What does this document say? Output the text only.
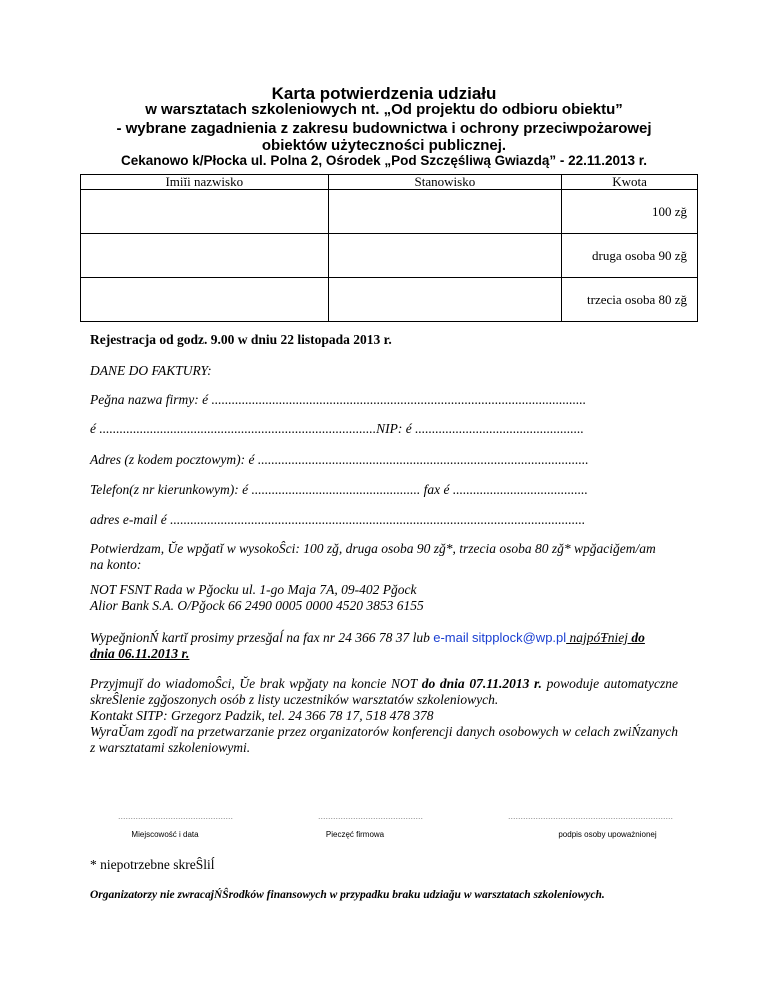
Karta potwierdzenia udziału
w warsztatach szkoleniowych nt. „Od projektu do odbioru obiektu”
- wybrane zagadnienia z zakresu budownictwa i ochrony przeciwpożarowej
obiektów użyteczności publicznej.
Cekanowo k/Płocka ul. Polna 2, Ośrodek „Pod Szczęśliwą Gwiazdą” - 22.11.2013 r.
Imiĭi nazwisko	Stanowisko	Kwota
		100 zğ
		druga osoba 90 zğ
		trzecia osoba 80 zğ
Rejestracja od godz. 9.00 w dniu 22 listopada 2013 r.
DANE DO FAKTURY:
Peğna nazwa firmy: é ...............................................................................................................
é ..................................................................................NIP: é ..................................................
Adres (z kodem pocztowym): é ..................................................................................................
Telefon(z nr kierunkowym): é .................................................. fax é ........................................
adres e-mail é ...........................................................................................................................
Potwierdzam, Ŭe wpğatĭ w wysokoŜci: 100 zğ, druga osoba 90 zğ*, trzecia osoba 80 zğ* wpğaciğem/am
na konto:
NOT FSNT Rada w Pğocku ul. 1-go Maja 7A, 09-402 Pğock
Alior Bank S.A. O/Pğock 66 2490 0005 0000 4520 3853 6155
WypeğnionŃ kartĭ prosimy przesğaĺ na fax nr 24 366 78 37 lub e-mail sitpplock@wp.pl najpóŦniej do
dnia 06.11.2013 r.
Przyjmujĭ do wiadomoŜci, Ŭe brak wpğaty na koncie NOT do dnia 07.11.2013 r. powoduje automatyczne skreŜlenie zgğoszonych osób z listy uczestników warsztatów szkoleniowych.
Kontakt SITP: Grzegorz Padzik, tel. 24 366 78 17, 518 478 378
WyraŬam zgodĭ na przetwarzanie przez organizatorów konferencji danych osobowych w celach zwiŃzanych z warsztatami szkoleniowymi.
..............................................	..........................................	..................................................................
Miejscowość i data	Pieczęć firmowa	podpis osoby upoważnionej
* niepotrzebne skreŜliĺ
Organizatorzy nie zwracajŃŜrodków finansowych w przypadku braku udziağu w warsztatach szkoleniowych.
